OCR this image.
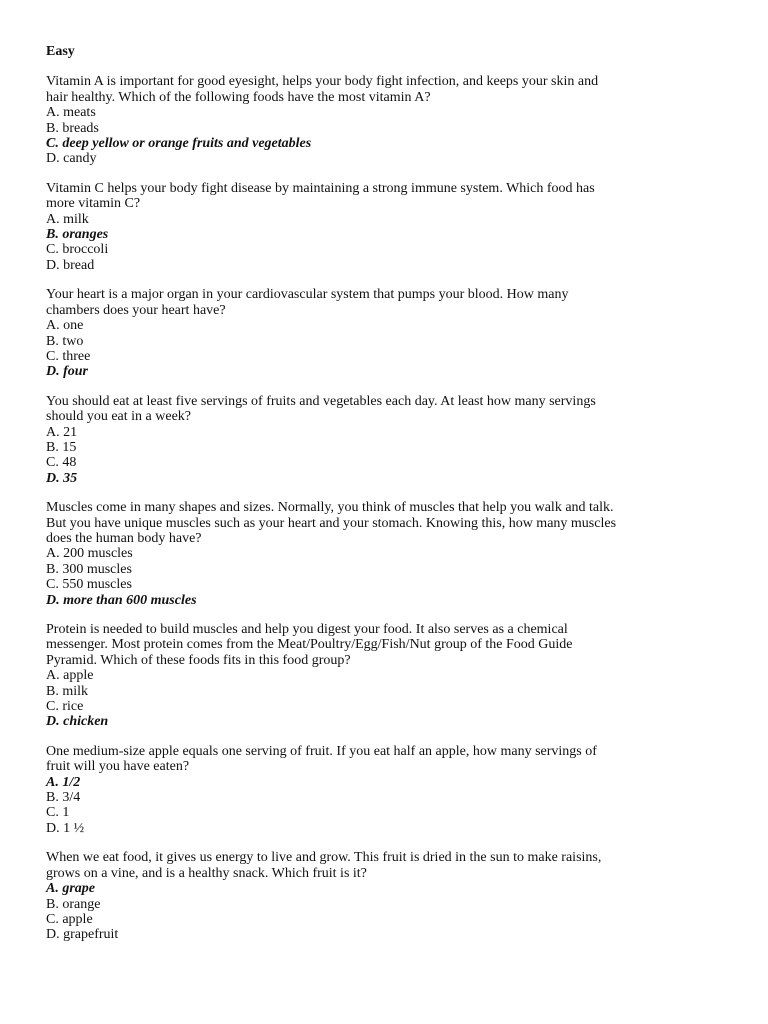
Easy
Vitamin A is important for good eyesight, helps your body fight infection, and keeps your skin and hair healthy. Which of the following foods have the most vitamin A?
A. meats
B. breads
C. deep yellow or orange fruits and vegetables
D. candy
Vitamin C helps your body fight disease by maintaining a strong immune system. Which food has more vitamin C?
A. milk
B. oranges
C. broccoli
D. bread
Your heart is a major organ in your cardiovascular system that pumps your blood. How many chambers does your heart have?
A. one
B. two
C. three
D. four
You should eat at least five servings of fruits and vegetables each day. At least how many servings should you eat in a week?
A. 21
B. 15
C. 48
D. 35
Muscles come in many shapes and sizes. Normally, you think of muscles that help you walk and talk. But you have unique muscles such as your heart and your stomach. Knowing this, how many muscles does the human body have?
A. 200 muscles
B. 300 muscles
C. 550 muscles
D. more than 600 muscles
Protein is needed to build muscles and help you digest your food. It also serves as a chemical messenger. Most protein comes from the Meat/Poultry/Egg/Fish/Nut group of the Food Guide Pyramid. Which of these foods fits in this food group?
A. apple
B. milk
C. rice
D. chicken
One medium-size apple equals one serving of fruit. If you eat half an apple, how many servings of fruit will you have eaten?
A. 1/2
B. 3/4
C. 1
D. 1 ½
When we eat food, it gives us energy to live and grow. This fruit is dried in the sun to make raisins, grows on a vine, and is a healthy snack. Which fruit is it?
A. grape
B. orange
C. apple
D. grapefruit
